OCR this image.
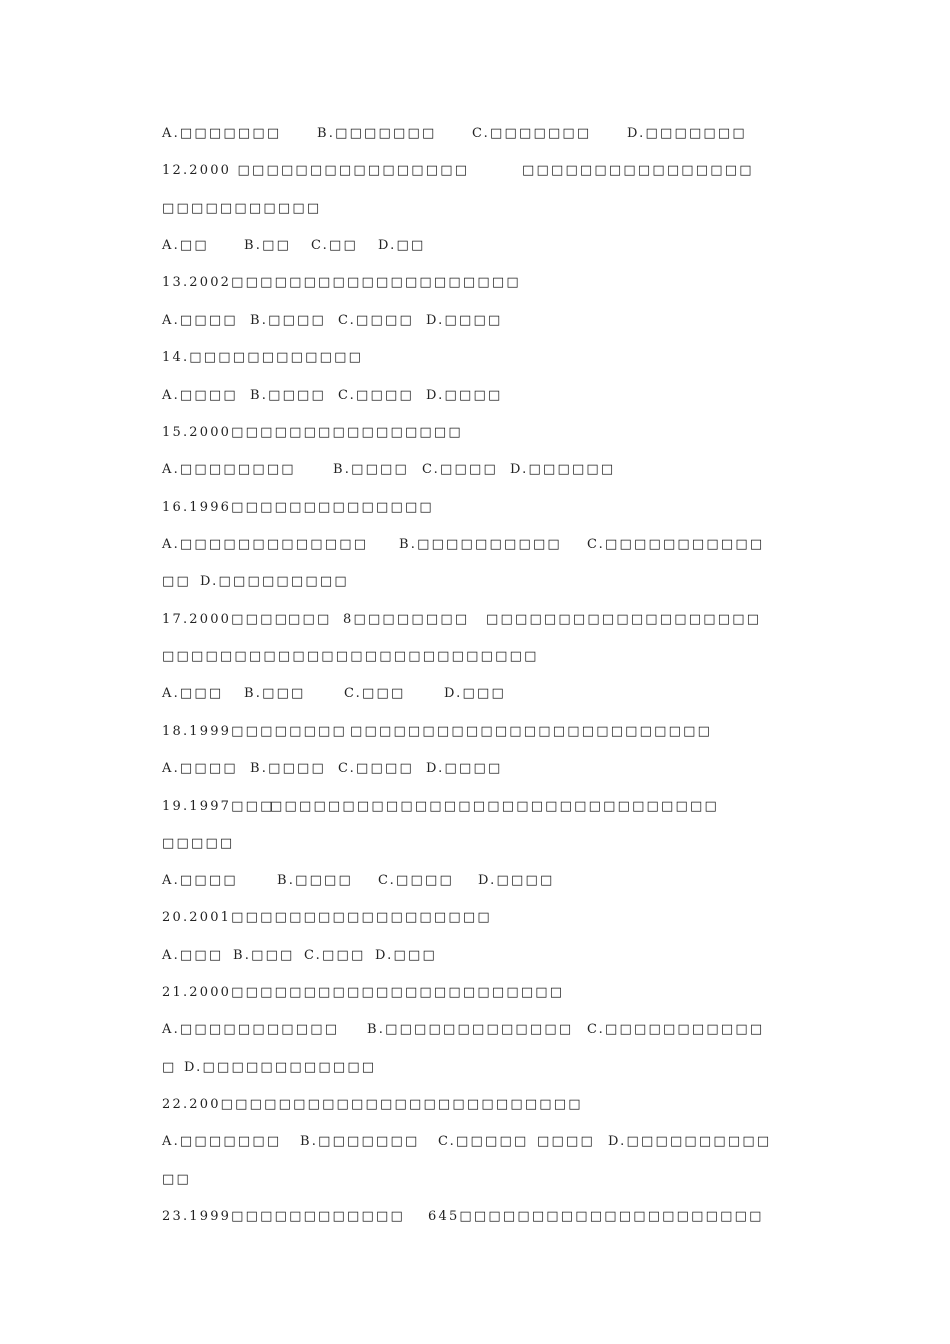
A.□□□□□□□	B.□□□□□□□	C.□□□□□□□	D.□□□□□□□
12.2000 □□□□□□□□□□□□□□□□	□□□□□□□□□□□□□□□□
□□□□□□□□□□□
A.□□	B.□□ C.□□ D.□□
13.2002□□□□□□□□□□□□□□□□□□□□
A.□□□□ B.□□□□ C.□□□□ D.□□□□
14.□□□□□□□□□□□□
A.□□□□ B.□□□□ C.□□□□ D.□□□□
15.2000□□□□□□□□□□□□□□□□
A.□□□□□□□□	B.□□□□ C.□□□□ D.□□□□□□
16.1996□□□□□□□□□□□□□□
A.□□□□□□□□□□□□□ B.□□□□□□□□□□ C.□□□□□□□□□□□
□□ D.□□□□□□□□□
17.2000□□□□
□□□ 8□□□□□□□□ □□□□□□□□□□□□□□□□□□□
□□□□□□□□□□□□□□□□□□□□□□□□□□
A.□□□ B.□□□	C.□□□	D.□□□
18.1999□□□□□□□□ □□□□□□□□□□□□□□□□□□□□□□□□□
A.□□□□ B.□□□□ C.□□□□ D.□□□□
19.1997□□□
□□□□□□□□□□□□□□□□□□□□□□□□□□□□□□□
□□□□□
A.□□□□	B.□□□□ C.□□□□ D.□□□□
20.2001□□□□□□□□□□□□□□□□□□
A.□□□ B.□□□ C.□□□ D.□□□
21.2000□□□□□□□□□□□□□□□□□□□□□□□
A.□□□□□□□□□□□ B.□□□□□□□□□□□□□ C.□□□□□□□□□□□
□ D.□□□□□□□□□□□□
22.200□□□□□□□□□□□□□□□□□□□□□□□□□
A.□□□□□□□ B.□□□□□□□ C.□□□□□ □□□□ D.□□□□□□□□□□
□□
23.1999□□□□□□□□□□□□ 645□□□□□□□□□□□□□□□□□□□□□
